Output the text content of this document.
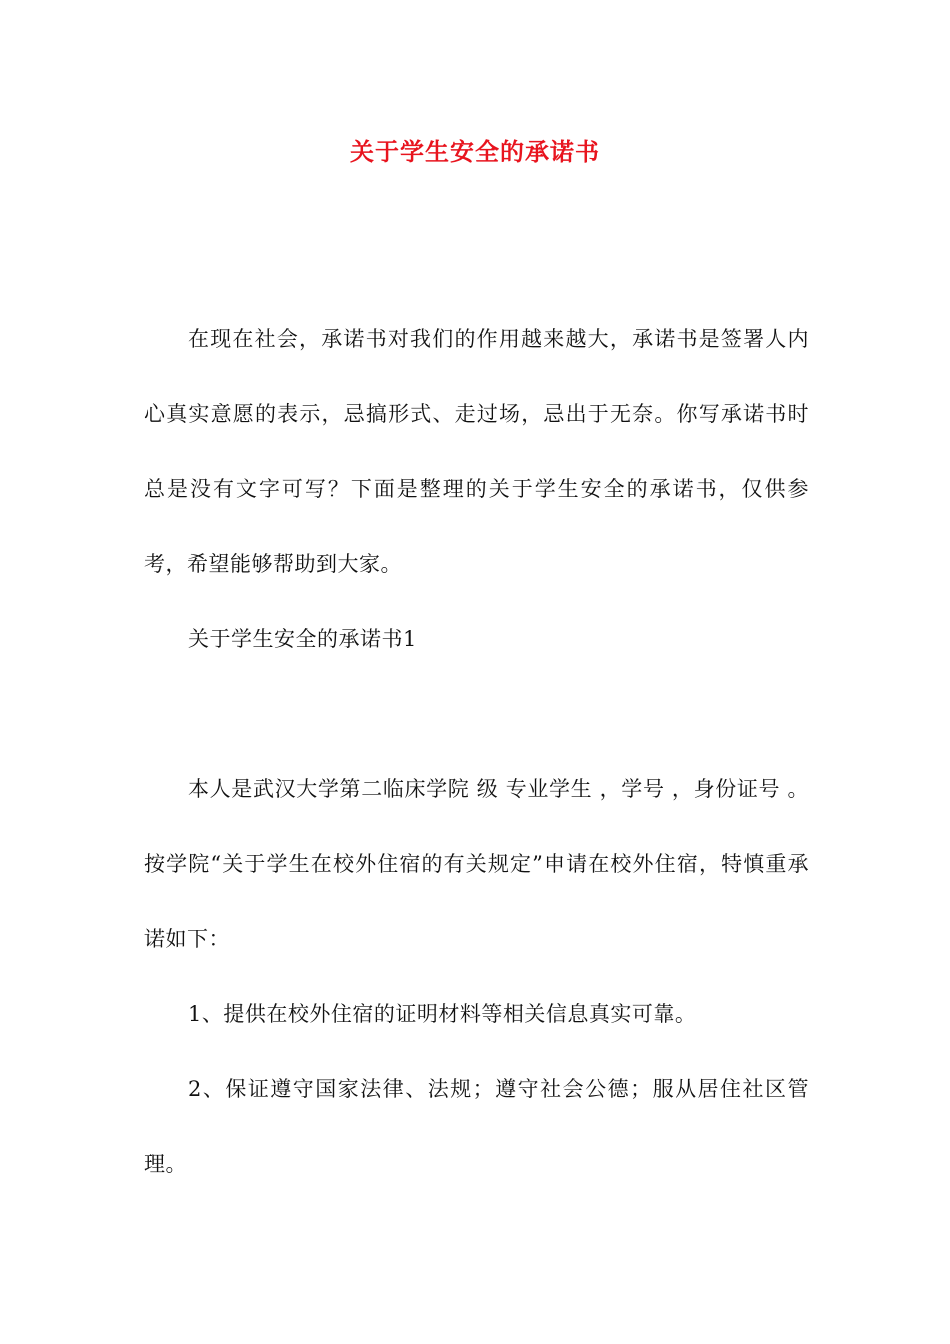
关于学生安全的承诺书

在现在社会，承诺书对我们的作用越来越大，承诺书是签署人内心真实意愿的表示，忌搞形式、走过场，忌出于无奈。你写承诺书时总是没有文字可写？下面是整理的关于学生安全的承诺书，仅供参考，希望能够帮助到大家。

关于学生安全的承诺书1

本人是武汉大学第二临床学院 级 专业学生 ，学号 ，身份证号 。按学院“关于学生在校外住宿的有关规定”申请在校外住宿，特慎重承诺如下：

1、提供在校外住宿的证明材料等相关信息真实可靠。

2、保证遵守国家法律、法规；遵守社会公德；服从居住社区管理。
